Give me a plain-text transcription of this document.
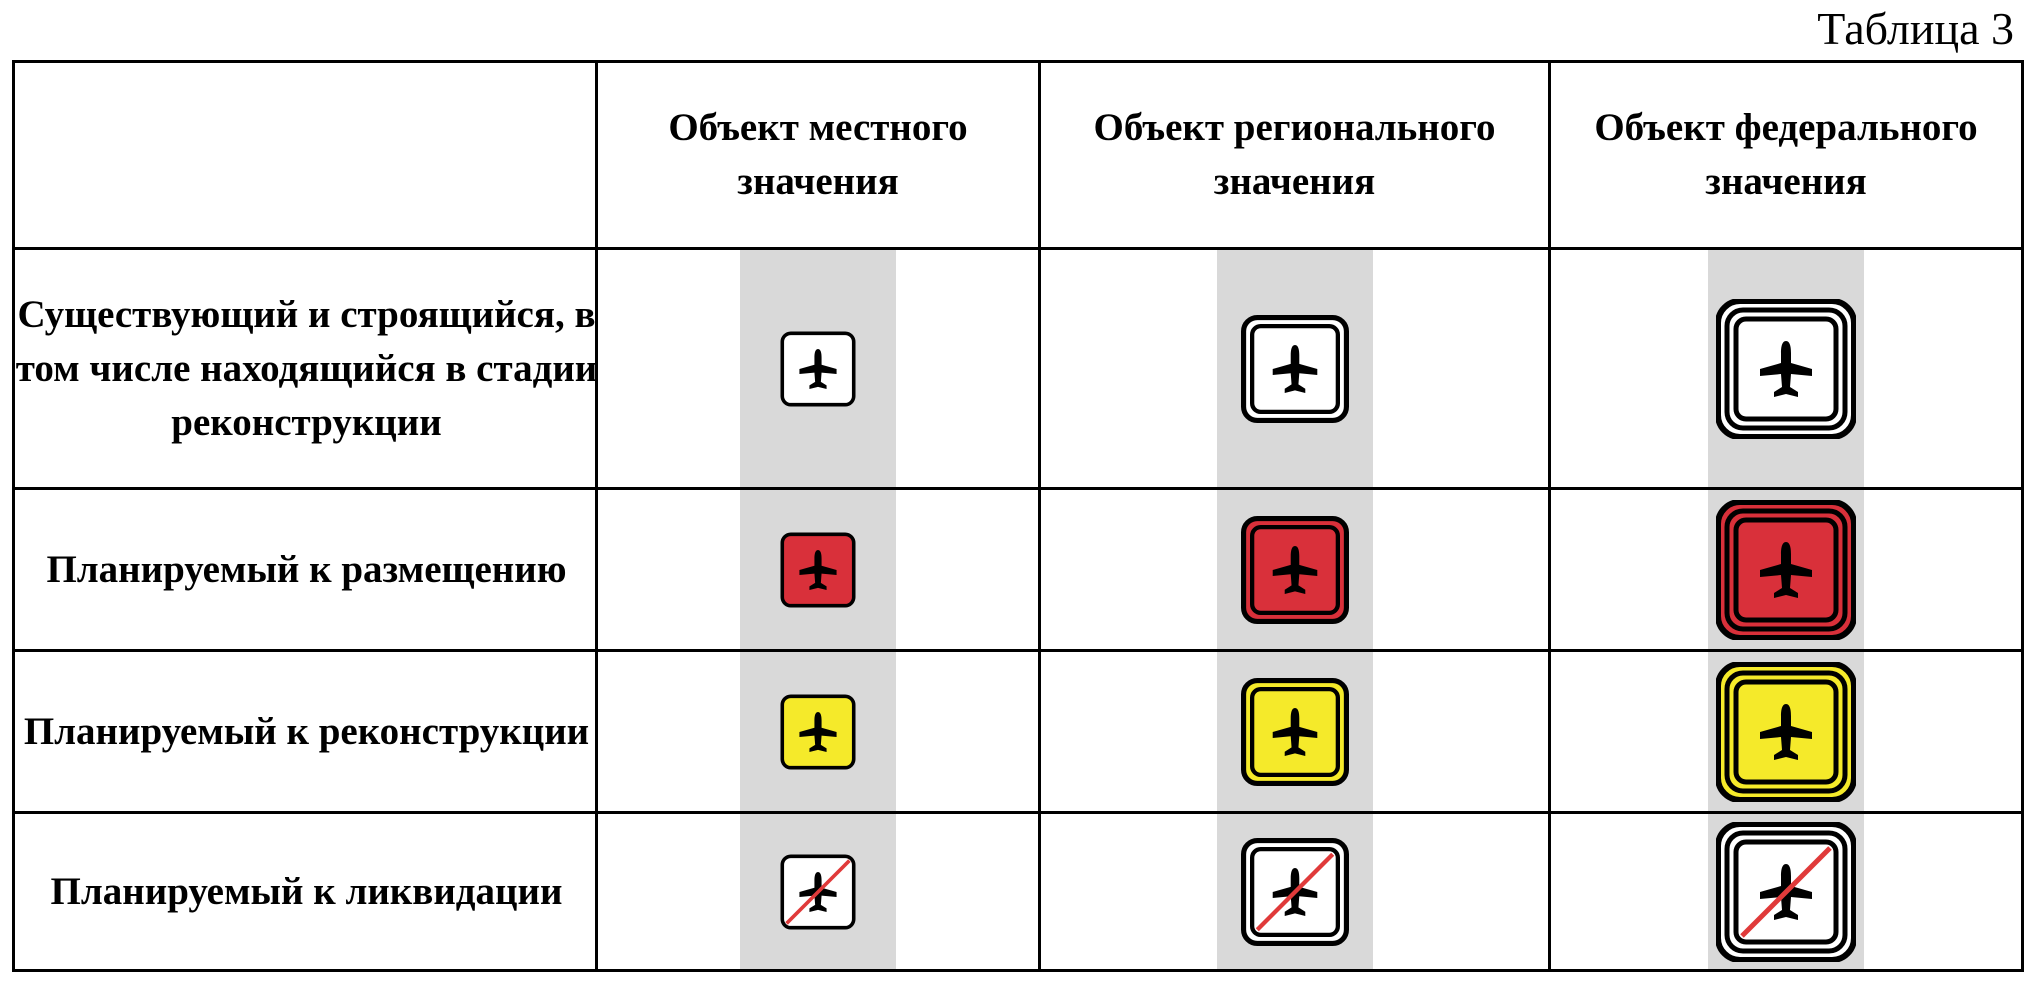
Таблица 3
Объект местного значения
Объект регионального значения
Объект федерального значения
Существующий и строящийся, в том числе находящийся в стадии реконструкции
Планируемый к размещению
Планируемый к реконструкции
Планируемый к ликвидации
